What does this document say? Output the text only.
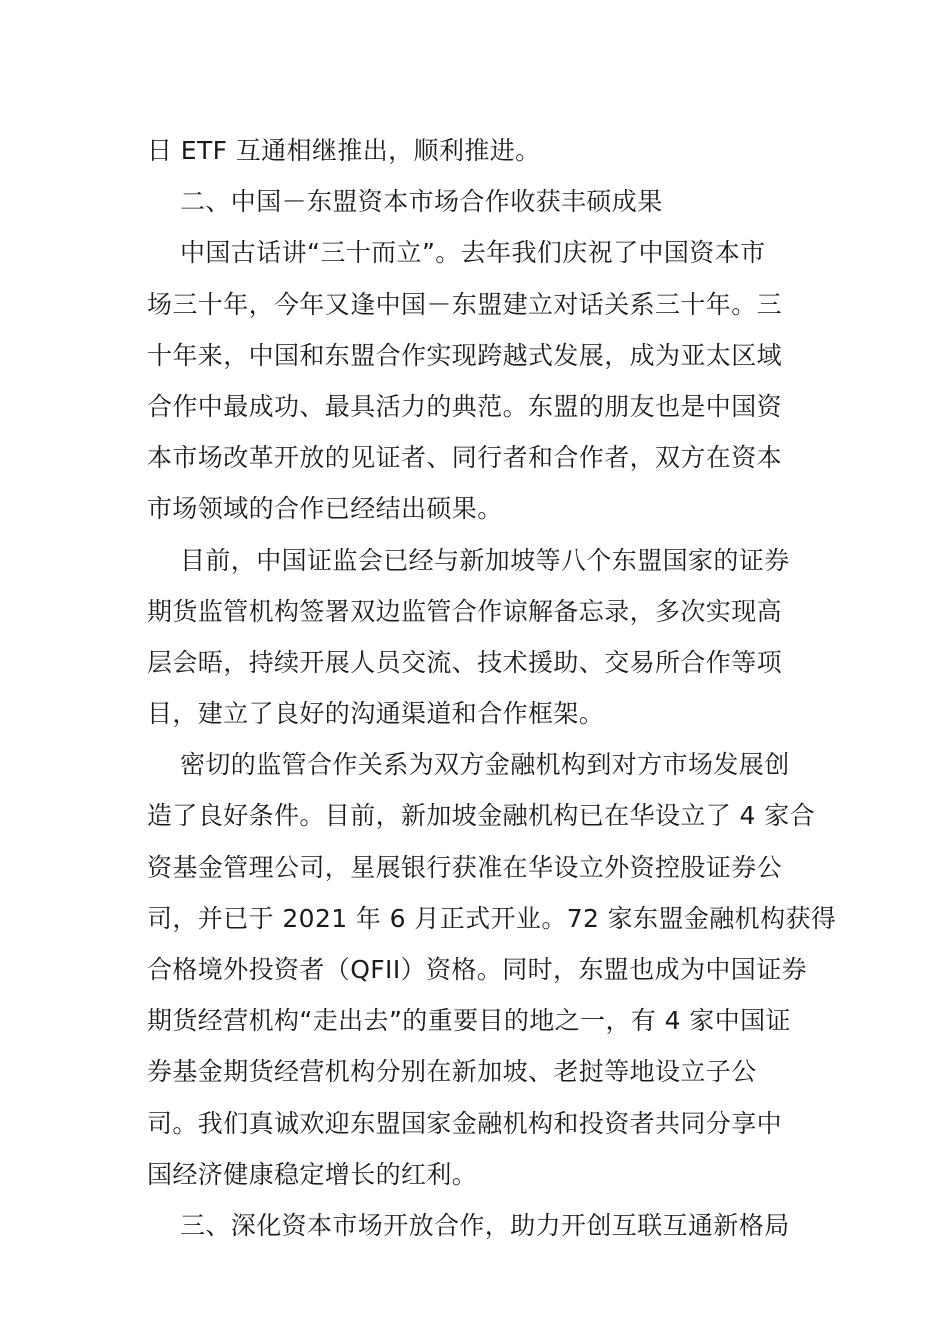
日 ETF 互通相继推出，顺利推进。
二、中国－东盟资本市场合作收获丰硕成果
中国古话讲“三十而立”。去年我们庆祝了中国资本市
场三十年，今年又逢中国－东盟建立对话关系三十年。三
十年来，中国和东盟合作实现跨越式发展，成为亚太区域
合作中最成功、最具活力的典范。东盟的朋友也是中国资
本市场改革开放的见证者、同行者和合作者，双方在资本
市场领域的合作已经结出硕果。
目前，中国证监会已经与新加坡等八个东盟国家的证券
期货监管机构签署双边监管合作谅解备忘录，多次实现高
层会晤，持续开展人员交流、技术援助、交易所合作等项
目，建立了良好的沟通渠道和合作框架。
密切的监管合作关系为双方金融机构到对方市场发展创
造了良好条件。目前，新加坡金融机构已在华设立了 4 家合
资基金管理公司，星展银行获准在华设立外资控股证券公
司，并已于 2021 年 6 月正式开业。72 家东盟金融机构获得
合格境外投资者（QFII）资格。同时，东盟也成为中国证券
期货经营机构“走出去”的重要目的地之一，有 4 家中国证
券基金期货经营机构分别在新加坡、老挝等地设立子公
司。我们真诚欢迎东盟国家金融机构和投资者共同分享中
国经济健康稳定增长的红利。
三、深化资本市场开放合作，助力开创互联互通新格局
